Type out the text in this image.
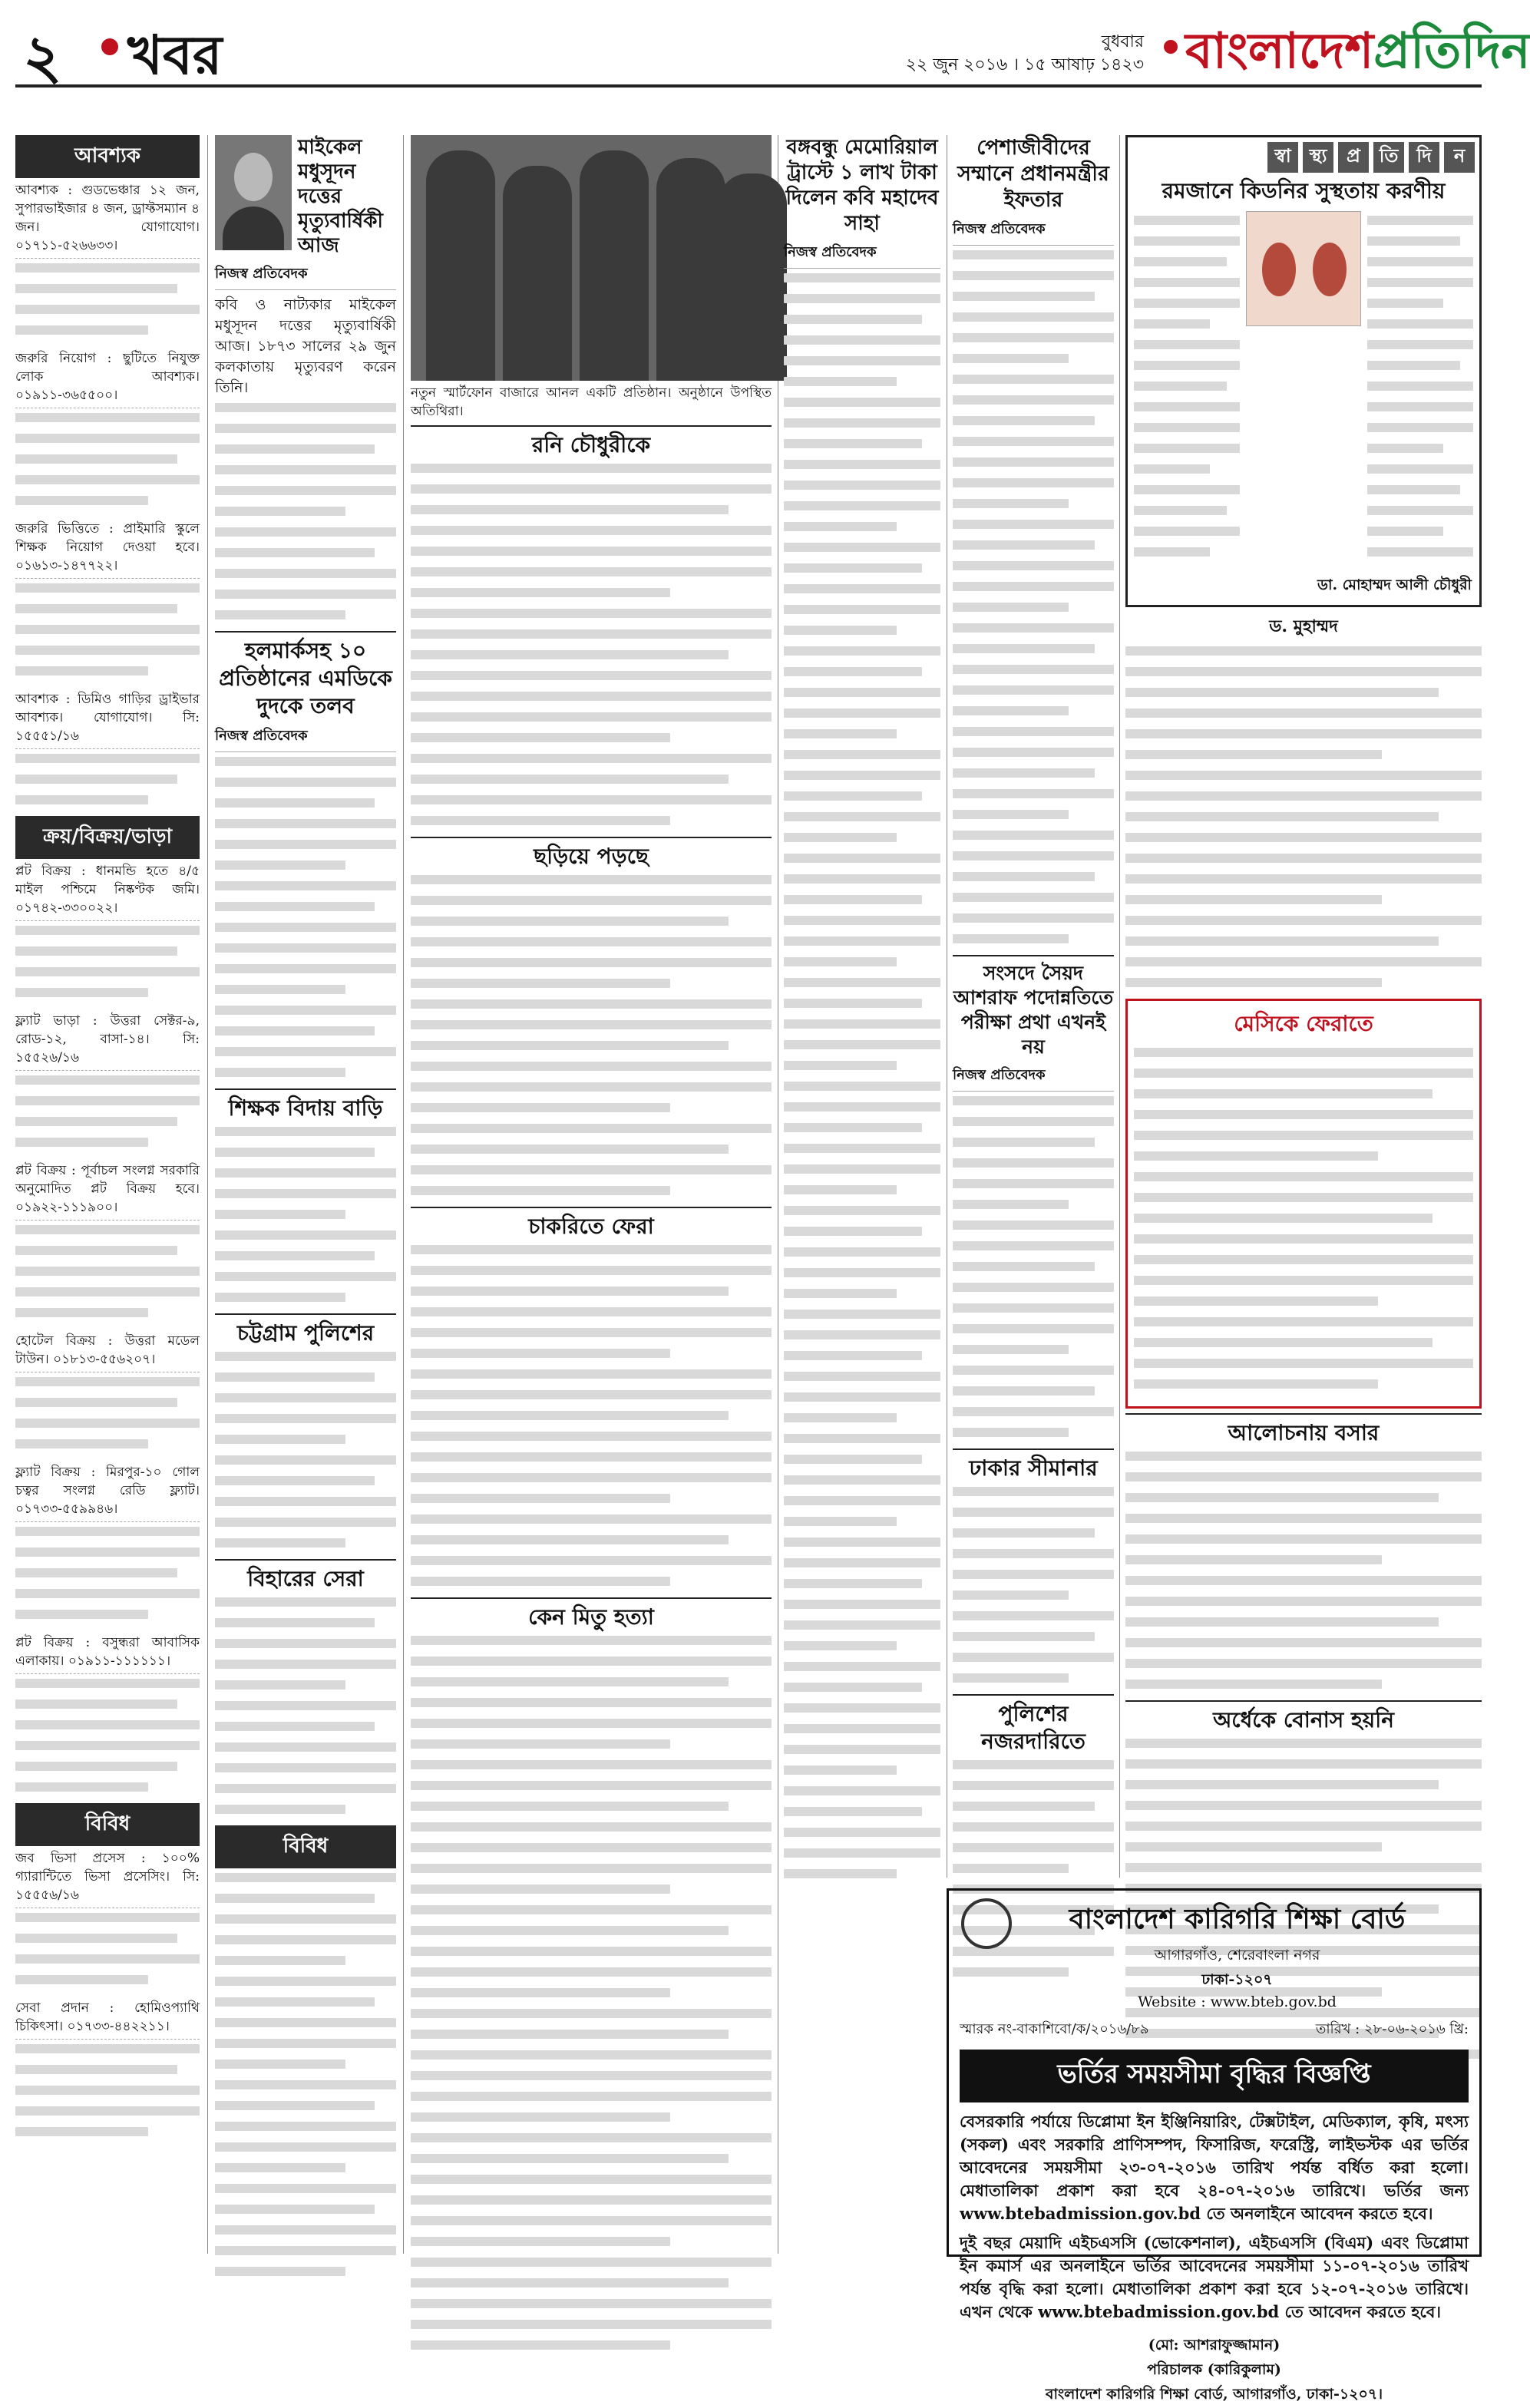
২ খবর	বুধবার
২২ জুন ২০১৬ । ১৫ আষাঢ় ১৪২৩ বাংলাদেশপ্রতিদিন
আবশ্যক
আবশ্যক : গুডভেঞ্চার ১২ জন, সুপারভাইজার ৪ জন, ড্রাফ্টসম্যান ৪ জন। যোগাযোগ। ০১৭১১-৫২৬৬৩৩।
জরুরি নিয়োগ : ছুটিতে নিযুক্ত লোক আবশ্যক। ০১৯১১-৩৬৫৫০০।
জরুরি ভিত্তিতে : প্রাইমারি স্কুলে শিক্ষক নিয়োগ দেওয়া হবে। ০১৬১৩-১৪৭৭২২।
আবশ্যক : ডিমিও গাড়ির ড্রাইভার আবশ্যক। যোগাযোগ। সি: ১৫৫৫১/১৬
ক্রয়/বিক্রয়/ভাড়া
প্লট বিক্রয় : ধানমন্ডি হতে ৪/৫ মাইল পশ্চিমে নিষ্কণ্টক জমি। ০১৭৪২-৩৩০০২২।
ফ্ল্যাট ভাড়া : উত্তরা সেক্টর-৯, রোড-১২, বাসা-১৪। সি: ১৫৫২৬/১৬
প্লট বিক্রয় : পূর্বাচল সংলগ্ন সরকারি অনুমোদিত প্লট বিক্রয় হবে। ০১৯২২-১১১৯০০।
হোটেল বিক্রয় : উত্তরা মডেল টাউন। ০১৮১৩-৫৫৬২০৭।
ফ্ল্যাট বিক্রয় : মিরপুর-১০ গোল চত্বর সংলগ্ন রেডি ফ্ল্যাট। ০১৭৩৩-৫৫৯৯৪৬।
প্লট বিক্রয় : বসুন্ধরা আবাসিক এলাকায়। ০১৯১১-১১১১১১।
বিবিধ
জব ভিসা প্রসেস : ১০০% গ্যারান্টিতে ভিসা প্রসেসিং। সি: ১৫৫৫৬/১৬
সেবা প্রদান : হোমিওপ্যাথি চিকিৎসা। ০১৭৩৩-৪৪২২১১।
মাইকেল মধুসূদন দত্তের মৃত্যুবার্ষিকী আজ
নিজস্ব প্রতিবেদক

কবি ও নাট্যকার মাইকেল মধুসূদন দত্তের মৃত্যুবার্ষিকী আজ। ১৮৭৩ সালের ২৯ জুন কলকাতায় মৃত্যুবরণ করেন তিনি।

হলমার্কসহ ১০ প্রতিষ্ঠানের এমডিকে দুদকে তলব
নিজস্ব প্রতিবেদক
শিক্ষক বিদায় বাড়ি
চট্টগ্রাম পুলিশের
বিহারের সেরা
বিবিধ

নতুন স্মার্টফোন বাজারে আনল একটি প্রতিষ্ঠান। অনুষ্ঠানে উপস্থিত অতিথিরা।

রনি চৌধুরীকে
ছড়িয়ে পড়ছে
চাকরিতে ফেরা
কেন মিতু হত্যা
বঙ্গবন্ধু মেমোরিয়াল ট্রাস্টে ১ লাখ টাকা দিলেন কবি মহাদেব সাহা
নিজস্ব প্রতিবেদক
পেশাজীবীদের সম্মানে প্রধানমন্ত্রীর ইফতার
নিজস্ব প্রতিবেদক
সংসদে সৈয়দ আশরাফ পদোন্নতিতে পরীক্ষা প্রথা এখনই নয়
নিজস্ব প্রতিবেদক
ঢাকার সীমানার
পুলিশের নজরদারিতে
স্বা স্থ্য	প্র	তি দি	ন
রমজানে কিডনির সুস্থতায় করণীয়
ডা. মোহাম্মদ আলী চৌধুরী
ড. মুহাম্মদ
মেসিকে ফেরাতে
আলোচনায় বসার
অর্ধেকে বোনাস হয়নি
বাংলাদেশ কারিগরি শিক্ষা বোর্ড
আগারগাঁও, শেরেবাংলা নগর
ঢাকা-১২০৭
Website : www.bteb.gov.bd
স্মারক নং-বাকাশিবো/ক/২০১৬/৮৯	তারিখ : ২৮-০৬-২০১৬ খ্রি:
ভর্তির সময়সীমা বৃদ্ধির বিজ্ঞপ্তি

বেসরকারি পর্যায়ে ডিপ্লোমা ইন ইঞ্জিনিয়ারিং, টেক্সটাইল, মেডিক্যাল, কৃষি, মৎস্য (সকল) এবং সরকারি প্রাণিসম্পদ, ফিসারিজ, ফরেস্ট্রি, লাইভস্টক এর ভর্তির আবেদনের সময়সীমা ২৩-০৭-২০১৬ তারিখ পর্যন্ত বর্ধিত করা হলো। মেধাতালিকা প্রকাশ করা হবে ২৪-০৭-২০১৬ তারিখে। ভর্তির জন্য www.btebadmission.gov.bd তে অনলাইনে আবেদন করতে হবে।

দুই বছর মেয়াদি এইচএসসি (ভোকেশনাল), এইচএসসি (বিএম) এবং ডিপ্লোমা ইন কমার্স এর অনলাইনে ভর্তির আবেদনের সময়সীমা ১১-০৭-২০১৬ তারিখ পর্যন্ত বৃদ্ধি করা হলো। মেধাতালিকা প্রকাশ করা হবে ১২-০৭-২০১৬ তারিখে। এখন থেকে www.btebadmission.gov.bd তে আবেদন করতে হবে।

(মো: আশরাফুজ্জামান)
পরিচালক (কারিকুলাম)
বাংলাদেশ কারিগরি শিক্ষা বোর্ড, আগারগাঁও, ঢাকা-১২০৭।
